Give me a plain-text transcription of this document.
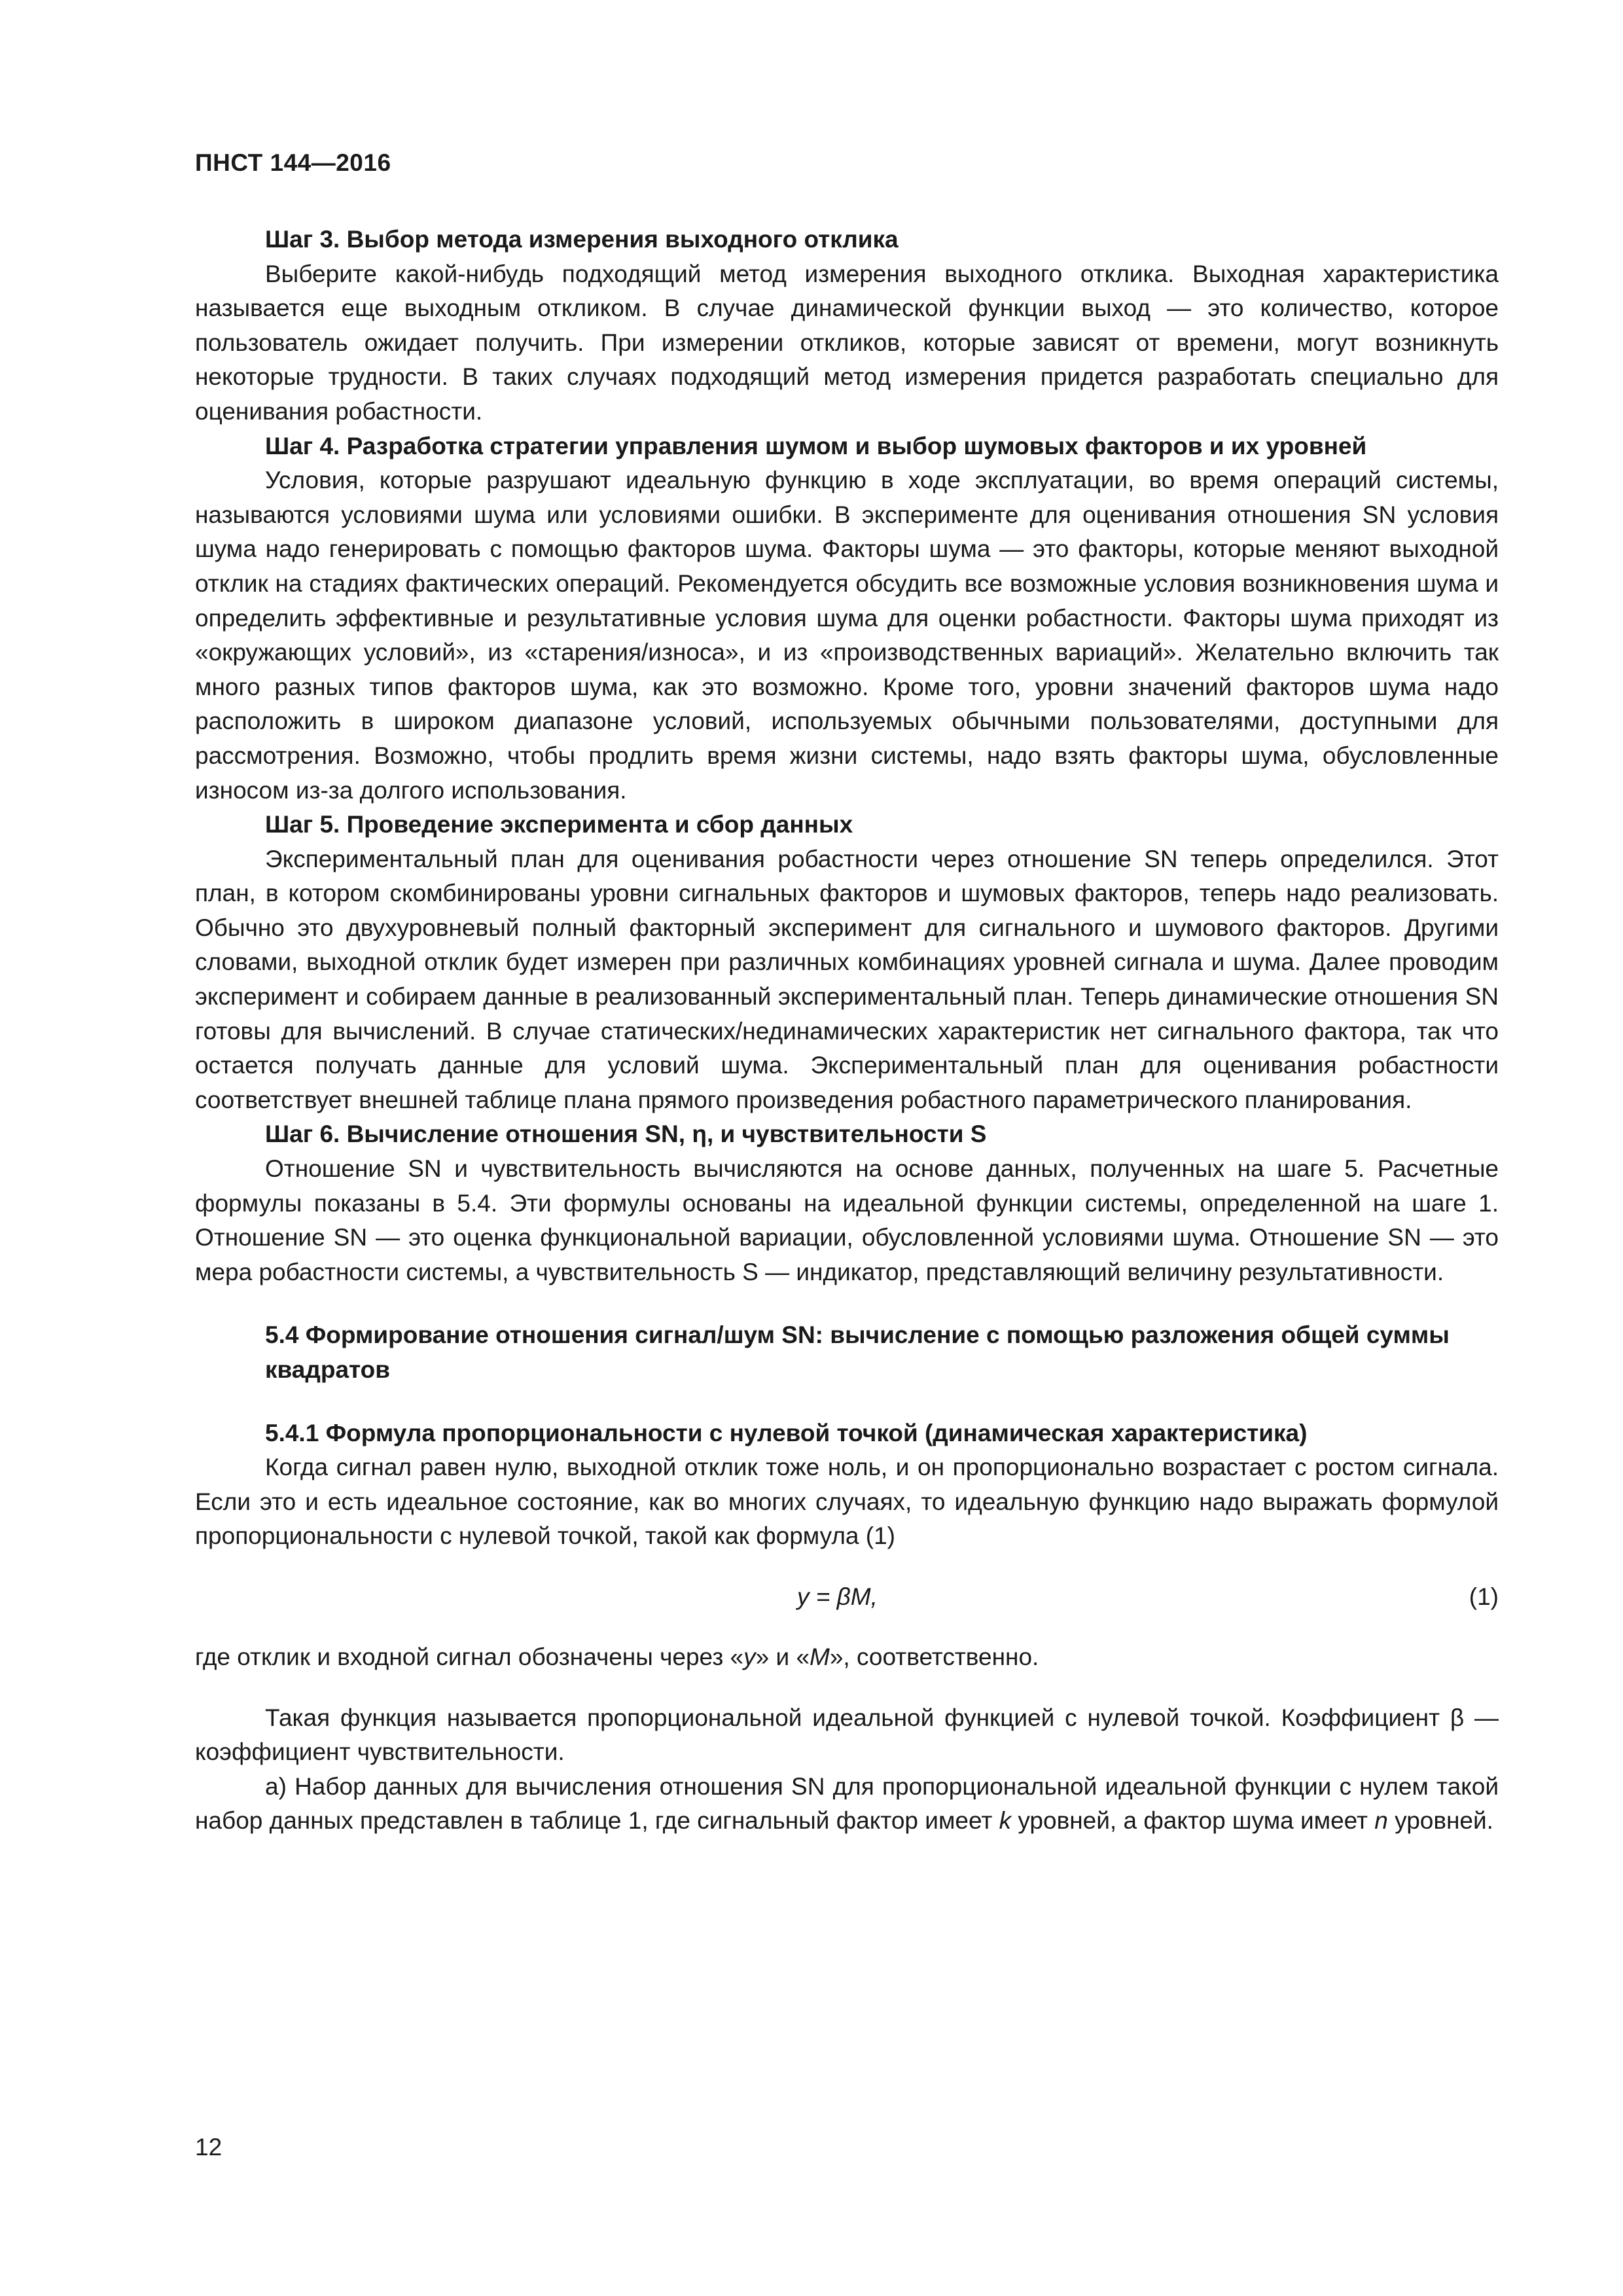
ПНСТ 144—2016

Шаг 3. Выбор метода измерения выходного отклика

Выберите какой-нибудь подходящий метод измерения выходного отклика. Выходная характеристика называется еще выходным откликом. В случае динамической функции выход — это количество, которое пользователь ожидает получить. При измерении откликов, которые зависят от времени, могут возникнуть некоторые трудности. В таких случаях подходящий метод измерения придется разработать специально для оценивания робастности.

Шаг 4. Разработка стратегии управления шумом и выбор шумовых факторов и их уровней

Условия, которые разрушают идеальную функцию в ходе эксплуатации, во время операций системы, называются условиями шума или условиями ошибки. В эксперименте для оценивания отношения SN условия шума надо генерировать с помощью факторов шума. Факторы шума — это факторы, которые меняют выходной отклик на стадиях фактических операций. Рекомендуется обсудить все возможные условия возникновения шума и определить эффективные и результативные условия шума для оценки робастности. Факторы шума приходят из «окружающих условий», из «старения/износа», и из «производственных вариаций». Желательно включить так много разных типов факторов шума, как это возможно. Кроме того, уровни значений факторов шума надо расположить в широком диапазоне условий, используемых обычными пользователями, доступными для рассмотрения. Возможно, чтобы продлить время жизни системы, надо взять факторы шума, обусловленные износом из-за долгого использования.

Шаг 5. Проведение эксперимента и сбор данных

Экспериментальный план для оценивания робастности через отношение SN теперь определился. Этот план, в котором скомбинированы уровни сигнальных факторов и шумовых факторов, теперь надо реализовать. Обычно это двухуровневый полный факторный эксперимент для сигнального и шумового факторов. Другими словами, выходной отклик будет измерен при различных комбинациях уровней сигнала и шума. Далее проводим эксперимент и собираем данные в реализованный экспериментальный план. Теперь динамические отношения SN готовы для вычислений. В случае статических/нединамических характеристик нет сигнального фактора, так что остается получать данные для условий шума. Экспериментальный план для оценивания робастности соответствует внешней таблице плана прямого произведения робастного параметрического планирования.

Шаг 6. Вычисление отношения SN, η, и чувствительности S

Отношение SN и чувствительность вычисляются на основе данных, полученных на шаге 5. Расчетные формулы показаны в 5.4. Эти формулы основаны на идеальной функции системы, определенной на шаге 1. Отношение SN — это оценка функциональной вариации, обусловленной условиями шума. Отношение SN — это мера робастности системы, а чувствительность S — индикатор, представляющий величину результативности.

5.4 Формирование отношения сигнал/шум SN: вычисление с помощью разложения общей суммы квадратов

5.4.1 Формула пропорциональности с нулевой точкой (динамическая характеристика)

Когда сигнал равен нулю, выходной отклик тоже ноль, и он пропорционально возрастает с ростом сигнала. Если это и есть идеальное состояние, как во многих случаях, то идеальную функцию надо выражать формулой пропорциональности с нулевой точкой, такой как формула (1)

y = βM,	(1)

где отклик и входной сигнал обозначены через «y» и «M», соответственно.

Такая функция называется пропорциональной идеальной функцией с нулевой точкой. Коэффициент β — коэффициент чувствительности.

а) Набор данных для вычисления отношения SN для пропорциональной идеальной функции с нулем такой набор данных представлен в таблице 1, где сигнальный фактор имеет k уровней, а фактор шума имеет n уровней.

12
